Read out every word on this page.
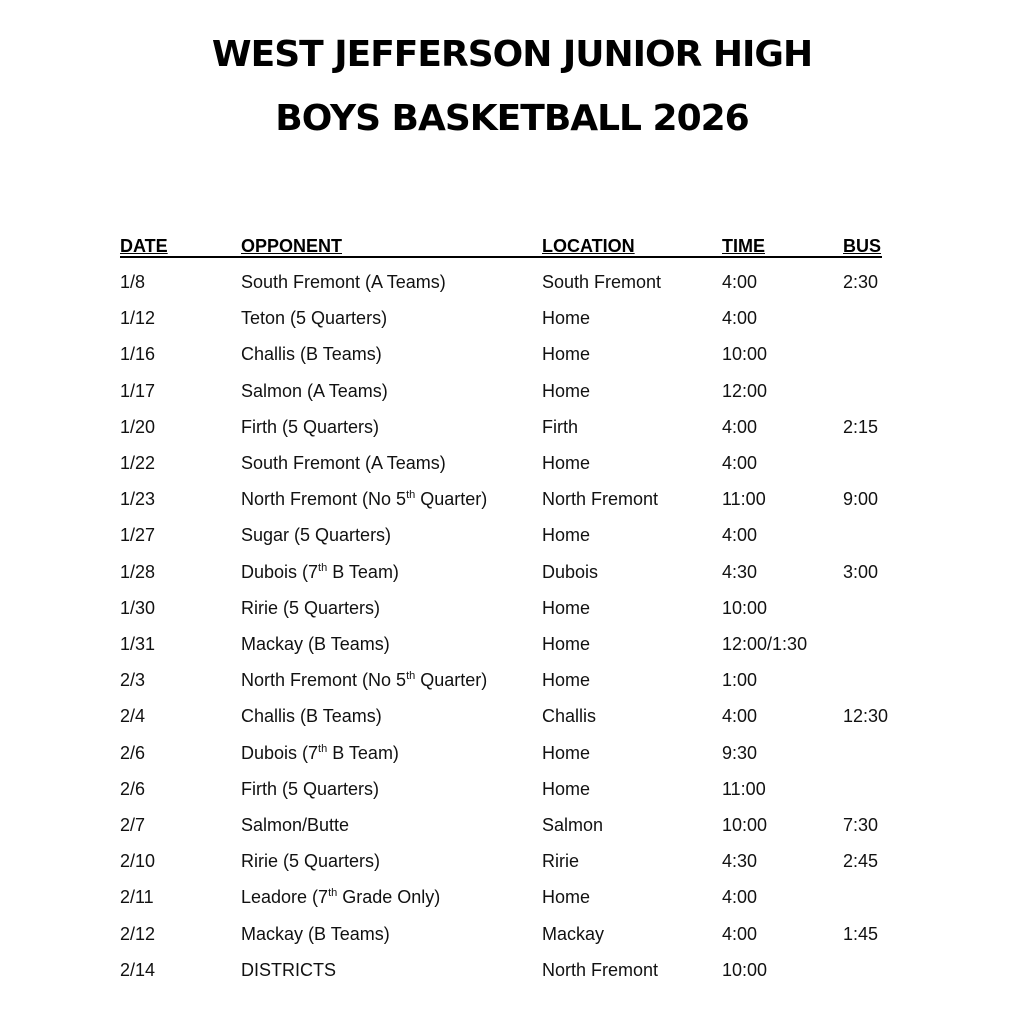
WEST JEFFERSON JUNIOR HIGH
BOYS BASKETBALL 2026
DATE	OPPONENT	LOCATION	TIME	BUS
1/8	South Fremont (A Teams)	South Fremont	4:00	2:30
1/12	Teton (5 Quarters)	Home	4:00
1/16	Challis (B Teams)	Home	10:00
1/17	Salmon (A Teams)	Home	12:00
1/20	Firth (5 Quarters)	Firth	4:00	2:15
1/22	South Fremont (A Teams)	Home	4:00
1/23	North Fremont (No 5th Quarter)	North Fremont	11:00	9:00
1/27	Sugar (5 Quarters)	Home	4:00
1/28	Dubois (7th B Team)	Dubois	4:30	3:00
1/30	Ririe (5 Quarters)	Home	10:00
1/31	Mackay (B Teams)	Home	12:00/1:30
2/3	North Fremont (No 5th Quarter)	Home	1:00
2/4	Challis (B Teams)	Challis	4:00	12:30
2/6	Dubois (7th B Team)	Home	9:30
2/6	Firth (5 Quarters)	Home	11:00
2/7	Salmon/Butte	Salmon	10:00	7:30
2/10	Ririe (5 Quarters)	Ririe	4:30	2:45
2/11	Leadore (7th Grade Only)	Home	4:00
2/12	Mackay (B Teams)	Mackay	4:00	1:45
2/14	DISTRICTS	North Fremont	10:00
